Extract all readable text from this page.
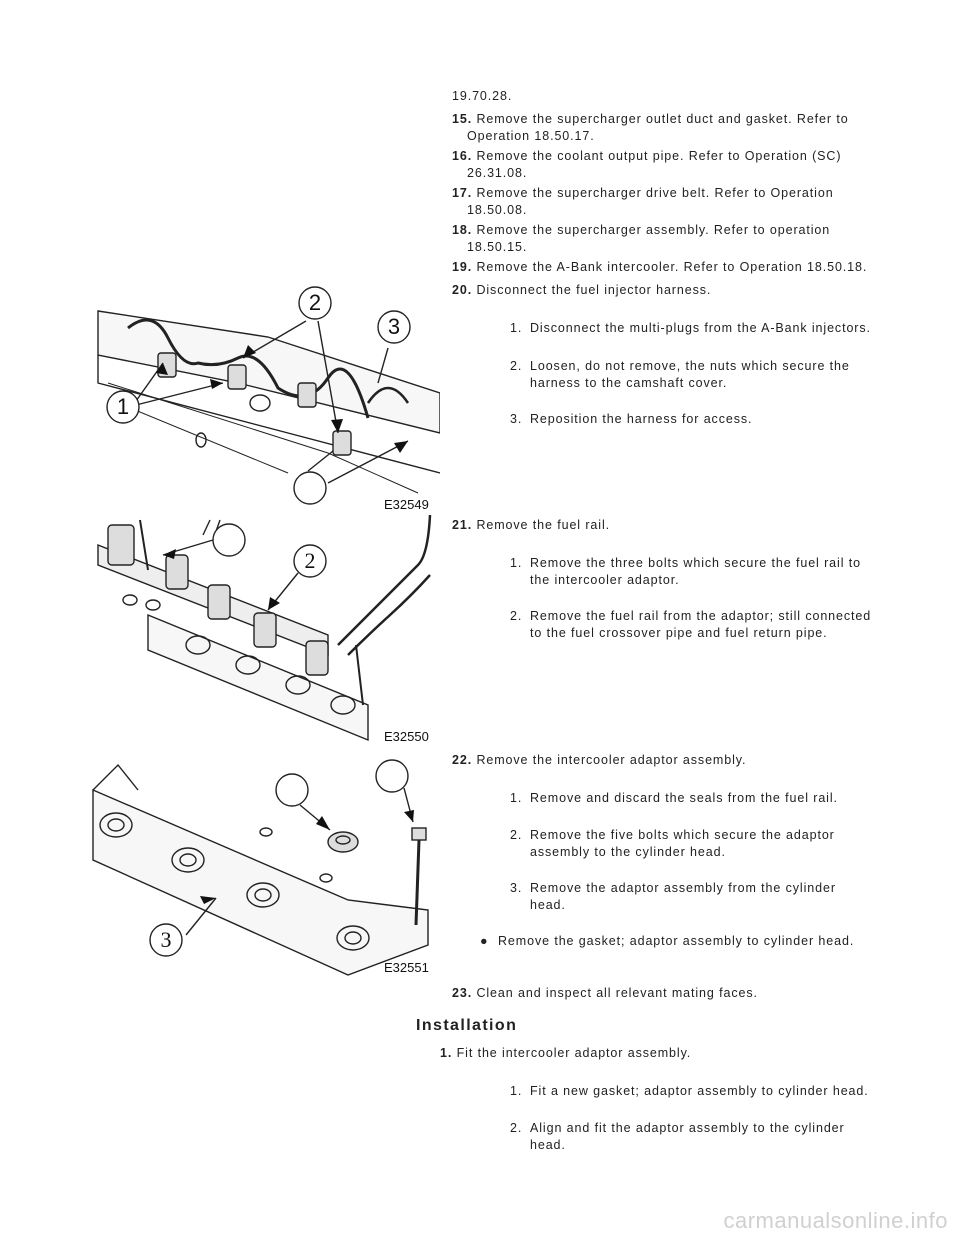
19.70.28.
15. Remove the supercharger outlet duct and gasket. Refer to
Operation 18.50.17.
16. Remove the coolant output pipe. Refer to Operation (SC)
26.31.08.
17. Remove the supercharger drive belt. Refer to Operation
18.50.08.
18. Remove the supercharger assembly. Refer to operation
18.50.15.
19. Remove the A-Bank intercooler. Refer to Operation 18.50.18.
20. Disconnect the fuel injector harness.
1. Disconnect the multi-plugs from the A-Bank injectors.
2. Loosen, do not remove, the nuts which secure the
harness to the camshaft cover.
3. Reposition the harness for access.
2
3
1
E32549
21. Remove the fuel rail.
1. Remove the three bolts which secure the fuel rail to
the intercooler adaptor.
2. Remove the fuel rail from the adaptor; still connected
to the fuel crossover pipe and fuel return pipe.
2
E32550
22. Remove the intercooler adaptor assembly.
1. Remove and discard the seals from the fuel rail.
2. Remove the five bolts which secure the adaptor
assembly to the cylinder head.
3. Remove the adaptor assembly from the cylinder
head.
● Remove the gasket; adaptor assembly to cylinder head.
3
E32551
23. Clean and inspect all relevant mating faces.
Installation
1. Fit the intercooler adaptor assembly.
1. Fit a new gasket; adaptor assembly to cylinder head.
2. Align and fit the adaptor assembly to the cylinder
head.
carmanualsonline.info
